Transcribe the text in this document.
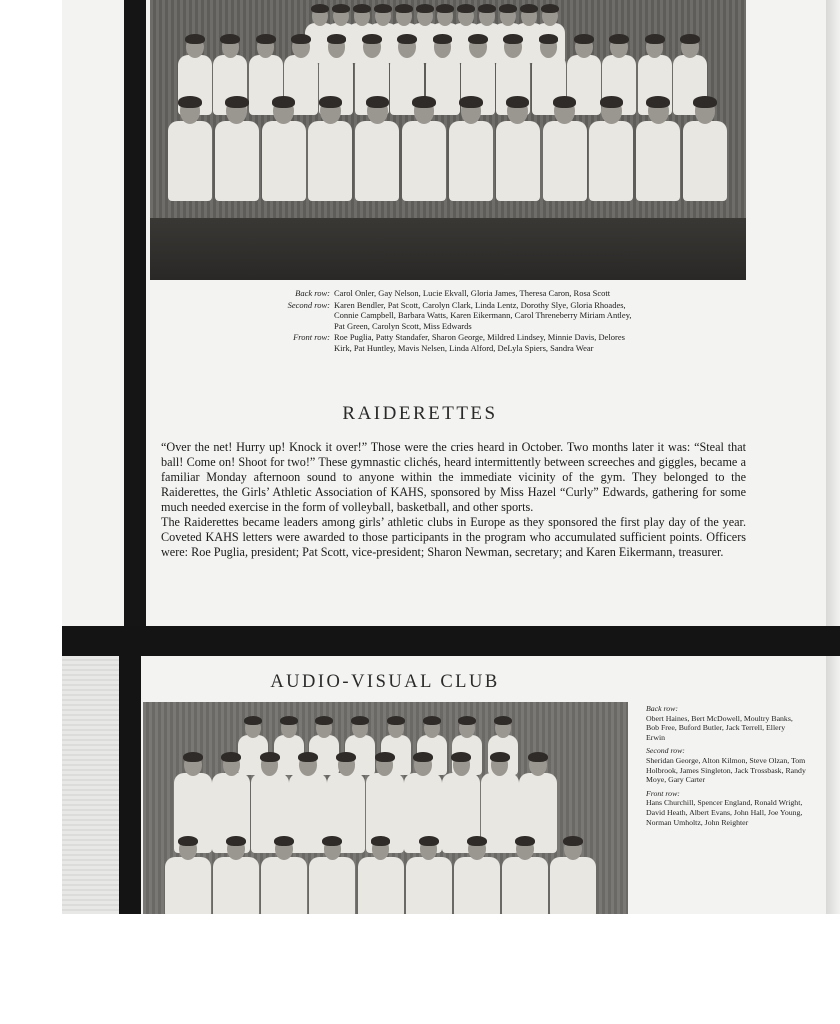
Back row: Carol Onler, Gay Nelson, Lucie Ekvall, Gloria James, Theresa Caron, Rosa Scott
Second row: Karen Bendler, Pat Scott, Carolyn Clark, Linda Lentz, Dorothy Slye, Gloria Rhoades, Connie Campbell, Barbara Watts, Karen Eikermann, Carol Threneberry Miriam Antley, Pat Green, Carolyn Scott, Miss Edwards
Front row: Roe Puglia, Patty Standafer, Sharon George, Mildred Lindsey, Minnie Davis, Delores Kirk, Pat Huntley, Mavis Nelsen, Linda Alford, DeLyla Spiers, Sandra Wear
RAIDERETTES

“Over the net! Hurry up! Knock it over!” Those were the cries heard in October. Two months later it was: “Steal that ball! Come on! Shoot for two!” These gymnastic clichés, heard intermittently between screeches and giggles, became a familiar Monday afternoon sound to anyone within the immediate vicinity of the gym. They belonged to the Raiderettes, the Girls’ Athletic Association of KAHS, sponsored by Miss Hazel “Curly” Edwards, gathering for some much needed exercise in the form of volleyball, basketball, and other sports.

The Raiderettes became leaders among girls’ athletic clubs in Europe as they sponsored the first play day of the year. Coveted KAHS letters were awarded to those participants in the program who accumulated sufficient points. Officers were: Roe Puglia, president; Pat Scott, vice-president; Sharon Newman, secretary; and Karen Eikermann, treasurer.

AUDIO-VISUAL CLUB
Back row:
Obert Haines, Bert McDowell, Moultry Banks, Bob Free, Buford Butler, Jack Terrell, Ellery Erwin
Second row:
Sheridan George, Alton Kilmon, Steve Olzan, Tom Holbrook, James Singleton, Jack Trossbask, Randy Moye, Gary Carter
Front row:
Hans Churchill, Spencer England, Ronald Wright, David Heath, Albert Evans, John Hall, Joe Young, Norman Umholtz, John Reighter
